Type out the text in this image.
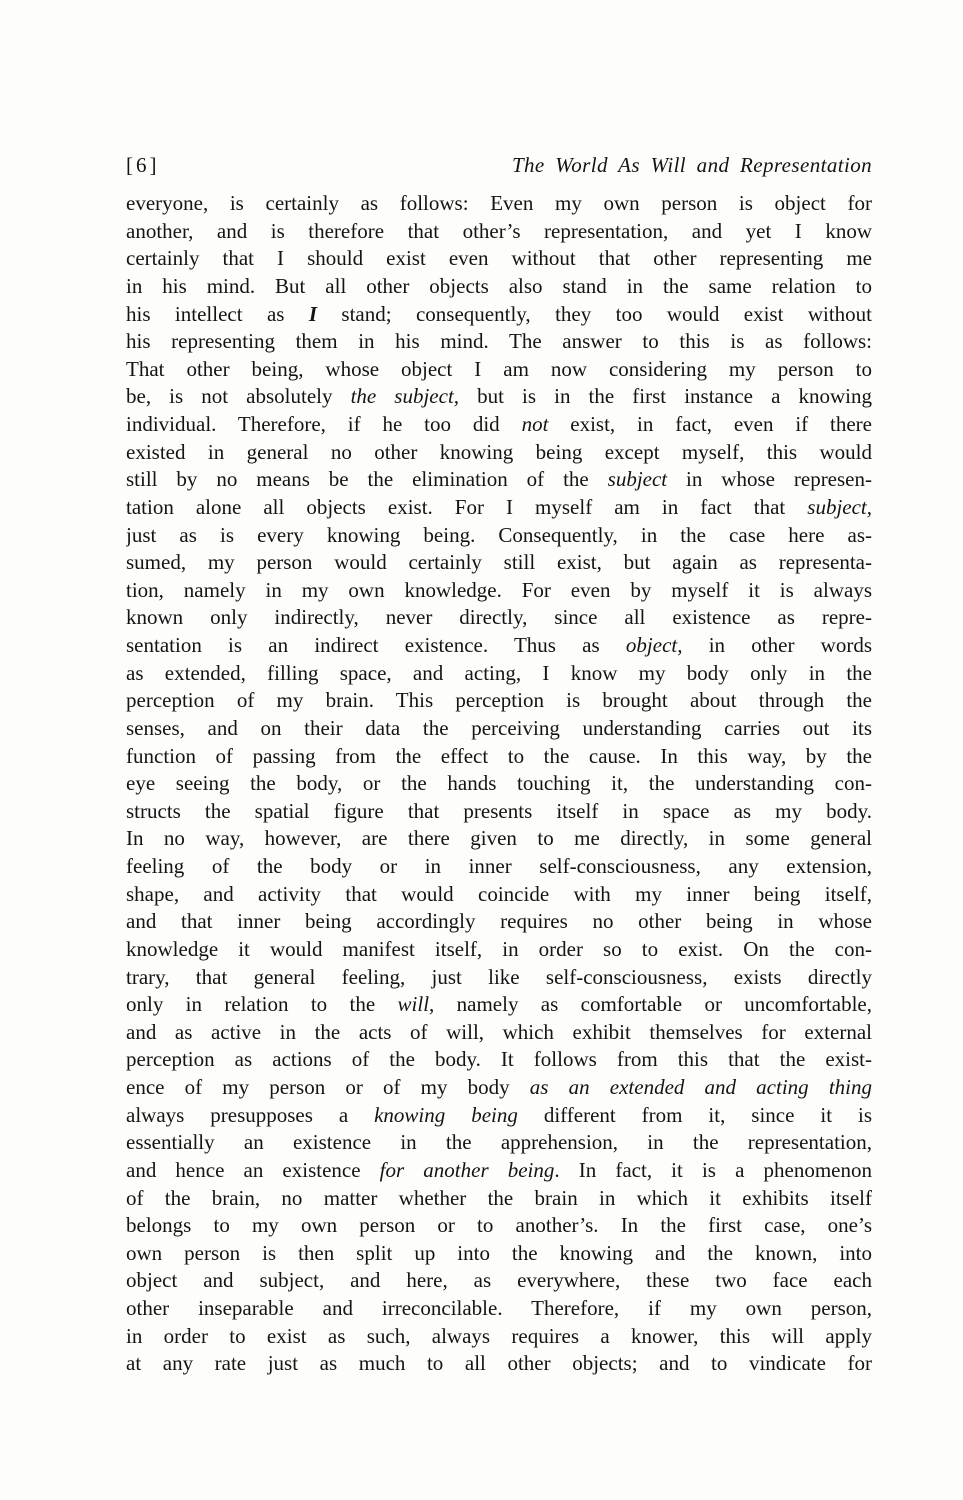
[6]	The World As Will and Representation
everyone, is certainly as follows: Even my own person is object for
another, and is therefore that other’s representation, and yet I know
certainly that I should exist even without that other representing me
in his mind. But all other objects also stand in the same relation to
his intellect as I stand; consequently, they too would exist without
his representing them in his mind. The answer to this is as follows:
That other being, whose object I am now considering my person to
be, is not absolutely the subject, but is in the first instance a knowing
individual. Therefore, if he too did not exist, in fact, even if there
existed in general no other knowing being except myself, this would
still by no means be the elimination of the subject in whose represen-
tation alone all objects exist. For I myself am in fact that subject,
just as is every knowing being. Consequently, in the case here as-
sumed, my person would certainly still exist, but again as representa-
tion, namely in my own knowledge. For even by myself it is always
known only indirectly, never directly, since all existence as repre-
sentation is an indirect existence. Thus as object, in other words
as extended, filling space, and acting, I know my body only in the
perception of my brain. This perception is brought about through the
senses, and on their data the perceiving understanding carries out its
function of passing from the effect to the cause. In this way, by the
eye seeing the body, or the hands touching it, the understanding con-
structs the spatial figure that presents itself in space as my body.
In no way, however, are there given to me directly, in some general
feeling of the body or in inner self-consciousness, any extension,
shape, and activity that would coincide with my inner being itself,
and that inner being accordingly requires no other being in whose
knowledge it would manifest itself, in order so to exist. On the con-
trary, that general feeling, just like self-consciousness, exists directly
only in relation to the will, namely as comfortable or uncomfortable,
and as active in the acts of will, which exhibit themselves for external
perception as actions of the body. It follows from this that the exist-
ence of my person or of my body as an extended and acting thing
always presupposes a knowing being different from it, since it is
essentially an existence in the apprehension, in the representation,
and hence an existence for another being. In fact, it is a phenomenon
of the brain, no matter whether the brain in which it exhibits itself
belongs to my own person or to another’s. In the first case, one’s
own person is then split up into the knowing and the known, into
object and subject, and here, as everywhere, these two face each
other inseparable and irreconcilable. Therefore, if my own person,
in order to exist as such, always requires a knower, this will apply
at any rate just as much to all other objects; and to vindicate for
